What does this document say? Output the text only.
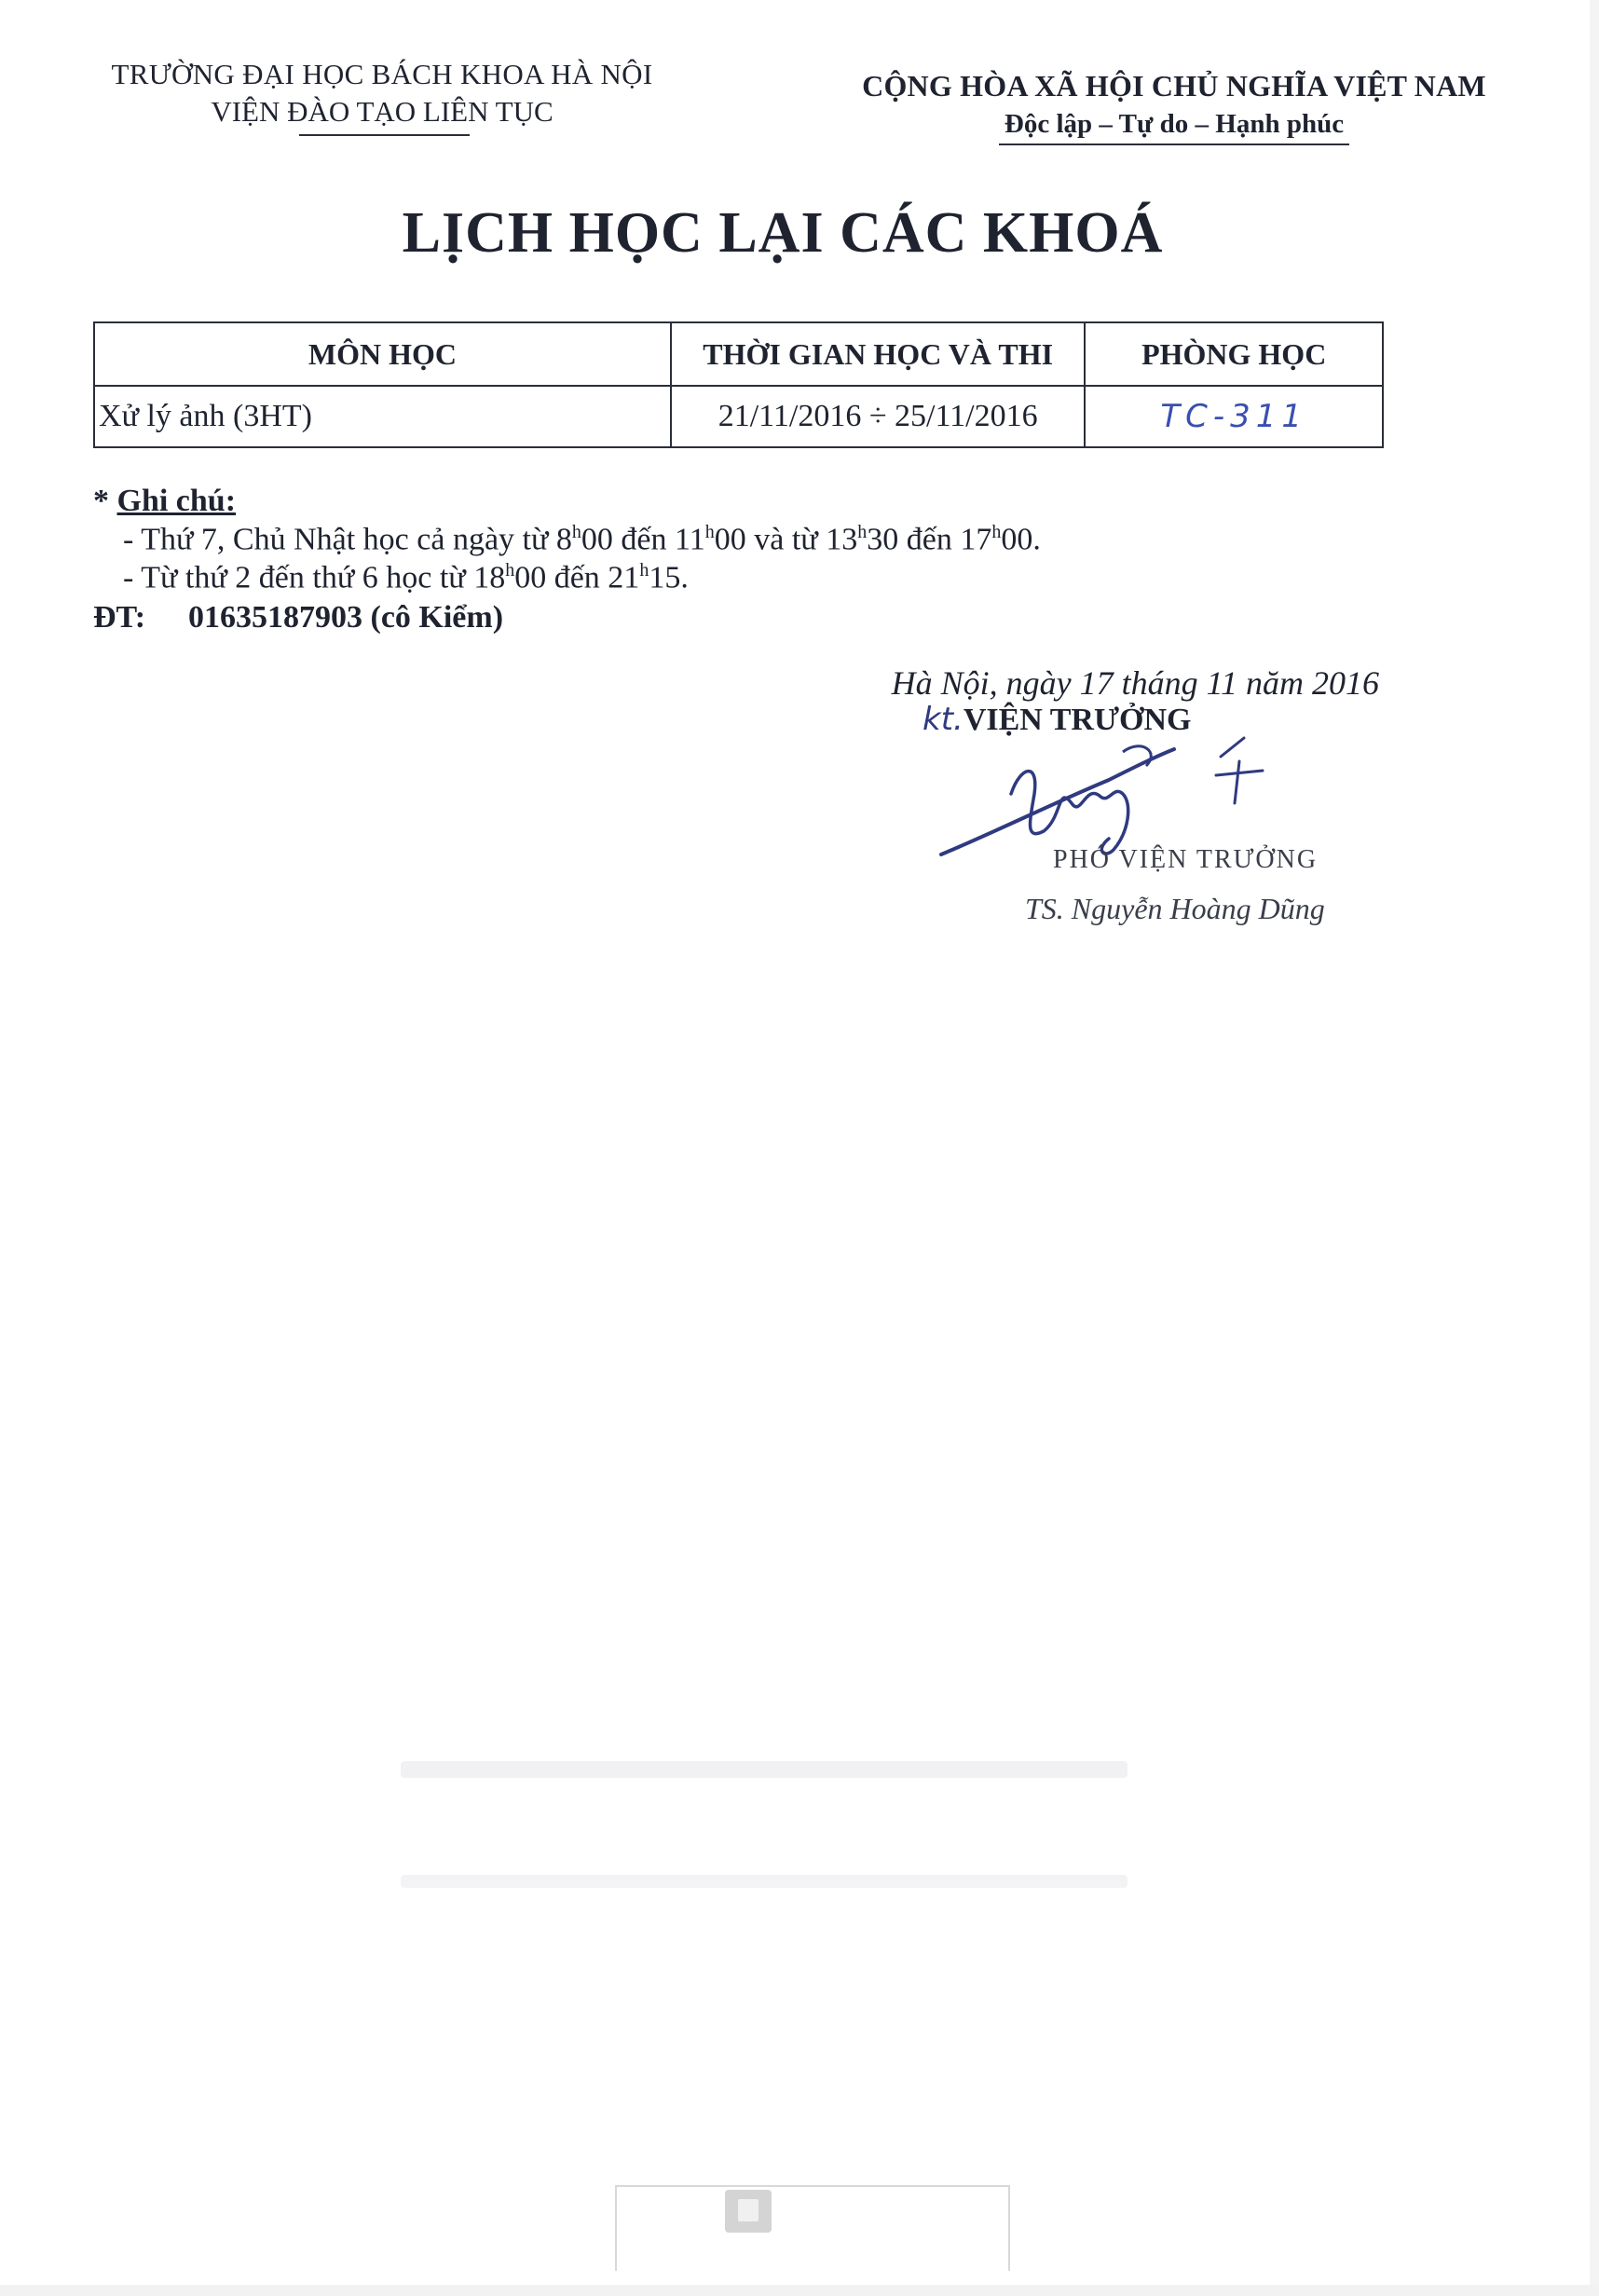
TRƯỜNG ĐẠI HỌC BÁCH KHOA HÀ NỘI
VIỆN ĐÀO TẠO LIÊN TỤC
CỘNG HÒA XÃ HỘI CHỦ NGHĨA VIỆT NAM
Độc lập – Tự do – Hạnh phúc
LỊCH HỌC LẠI CÁC KHOÁ
MÔN HỌC	THỜI GIAN HỌC VÀ THI	PHÒNG HỌC
Xử lý ảnh (3HT)	21/11/2016 ÷ 25/11/2016	TC-311
* Ghi chú:
- Thứ 7, Chủ Nhật học cả ngày từ 8$^h$00 đến 11$^h$00 và từ 13$^h$30 đến 17$^h$00.
- Từ thứ 2 đến thứ 6 học từ 18$^h$00 đến 21$^h$15.
ĐT: 01635187903 (cô Kiểm)
Hà Nội, ngày 17 tháng 11 năm 2016
kt.VIỆN TRƯỞNG
PHÓ VIỆN TRƯỞNG
TS. Nguyễn Hoàng Dũng
